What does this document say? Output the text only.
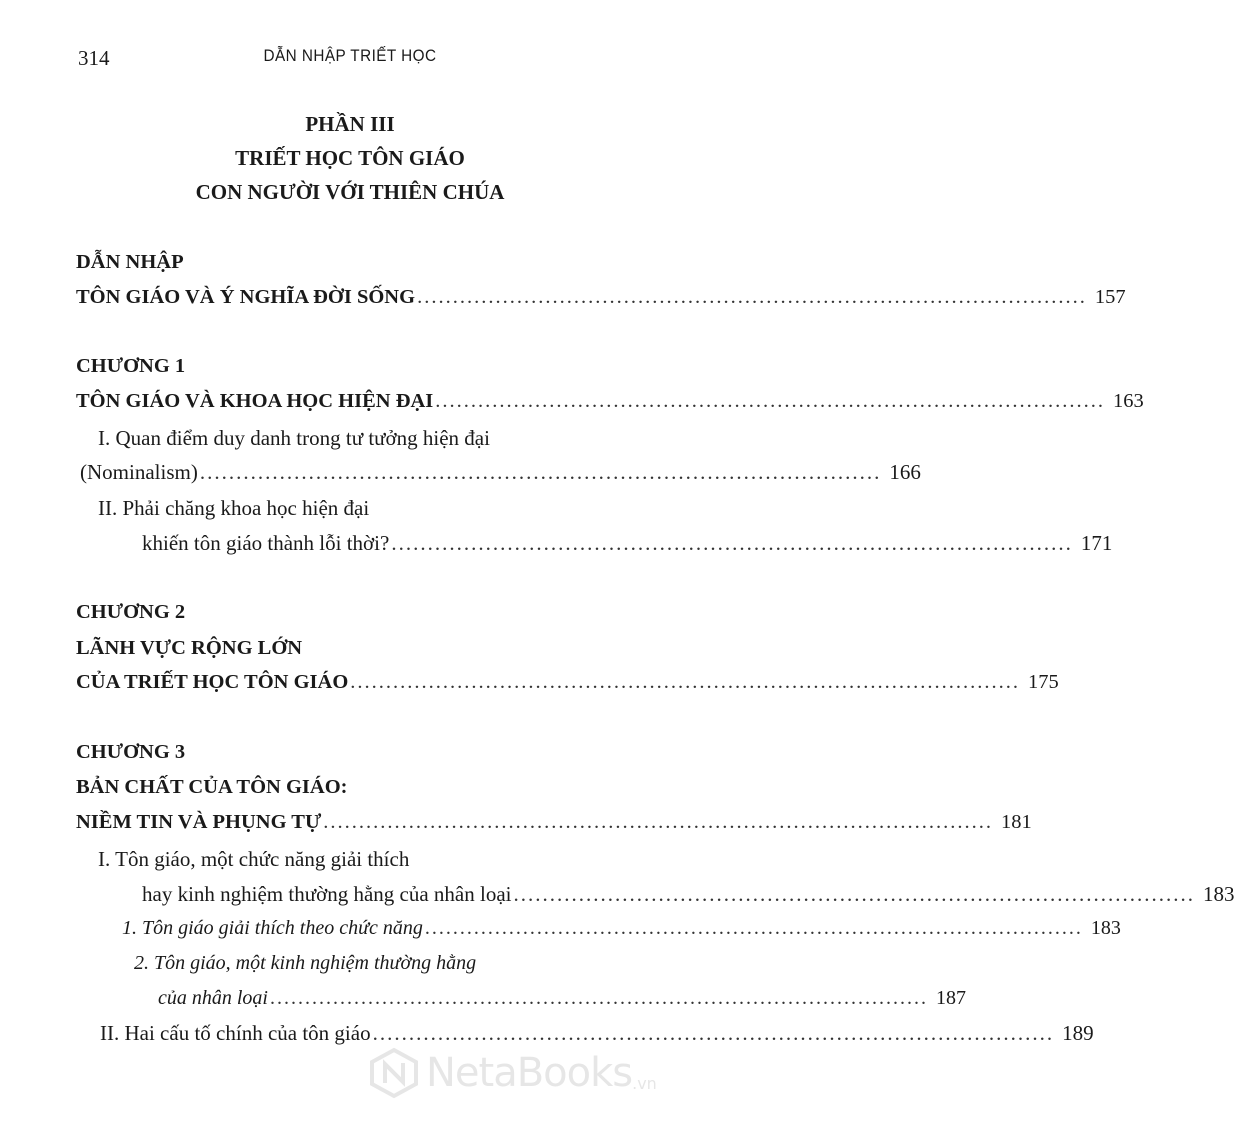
314	DẪN NHẬP TRIẾT HỌC
PHẦN III
TRIẾT HỌC TÔN GIÁO
CON NGƯỜI VỚI THIÊN CHÚA
DẪN NHẬP
TÔN GIÁO VÀ Ý NGHĨA ĐỜI SỐNG .............................................................................................. 157
CHƯƠNG 1
TÔN GIÁO VÀ KHOA HỌC HIỆN ĐẠI .............................................................................................. 163
I. Quan điểm duy danh trong tư tưởng hiện đại
(Nominalism) .............................................................................................. 166
II. Phải chăng khoa học hiện đại
khiến tôn giáo thành lỗi thời? .............................................................................................. 171
CHƯƠNG 2
LÃNH VỰC RỘNG LỚN
CỦA TRIẾT HỌC TÔN GIÁO .............................................................................................. 175
CHƯƠNG 3
BẢN CHẤT CỦA TÔN GIÁO:
NIỀM TIN VÀ PHỤNG TỰ .............................................................................................. 181
I. Tôn giáo, một chức năng giải thích
hay kinh nghiệm thường hằng của nhân loại .............................................................................................. 183
1. Tôn giáo giải thích theo chức năng .............................................................................................. 183
2. Tôn giáo, một kinh nghiệm thường hằng
của nhân loại .............................................................................................. 187
II. Hai cấu tố chính của tôn giáo .............................................................................................. 189
NetaBooks .vn
